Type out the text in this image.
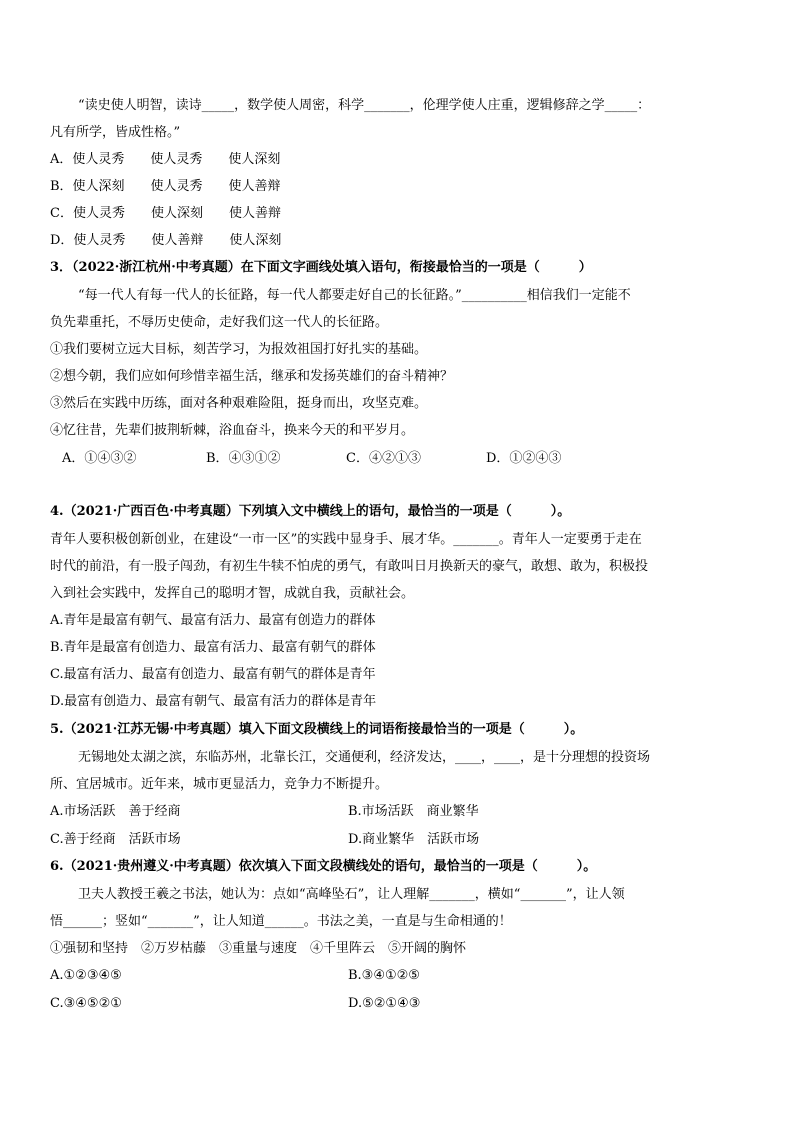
“读史使人明智，读诗_____，数学使人周密，科学_______，伦理学使人庄重，逻辑修辞之学_____：
凡有所学，皆成性格。”
A．使人灵秀　　使人灵秀　　使人深刻
B．使人深刻　　使人灵秀　　使人善辩
C．使人灵秀　　使人深刻　　使人善辩
D．使人灵秀　　使人善辩　　使人深刻
3．（2022·浙江杭州·中考真题）在下面文字画线处填入语句，衔接最恰当的一项是（　　　）
“每一代人有每一代人的长征路，每一代人都要走好自己的长征路。”__________相信我们一定能不
负先辈重托，不辱历史使命，走好我们这一代人的长征路。
①我们要树立远大目标，刻苦学习，为报效祖国打好扎实的基础。
②想今朝，我们应如何珍惜幸福生活，继承和发扬英雄们的奋斗精神？
③然后在实践中历练，面对各种艰难险阻，挺身而出，攻坚克难。
④忆往昔，先辈们披荆斩棘，浴血奋斗，换来今天的和平岁月。
A．①④③②	B．④③①②	C．④②①③	D．①②④③
4.（2021·广西百色·中考真题）下列填入文中横线上的语句，最恰当的一项是（　　　）。
青年人要积极创新创业，在建设“一市一区”的实践中显身手、展才华。_______。青年人一定要勇于走在
时代的前沿，有一股子闯劲，有初生牛犊不怕虎的勇气，有敢叫日月换新天的豪气，敢想、敢为，积极投
入到社会实践中，发挥自己的聪明才智，成就自我，贡献社会。
A.青年是最富有朝气、最富有活力、最富有创造力的群体
B.青年是最富有创造力、最富有活力、最富有朝气的群体
C.最富有活力、最富有创造力、最富有朝气的群体是青年
D.最富有创造力、最富有朝气、最富有活力的群体是青年
5.（2021·江苏无锡·中考真题）填入下面文段横线上的词语衔接最恰当的一项是（　　　）。
无锡地处太湖之滨，东临苏州，北靠长江，交通便利，经济发达，____，____，是十分理想的投资场
所、宜居城市。近年来，城市更显活力，竞争力不断提升。
A.市场活跃　善于经商	B.市场活跃　商业繁华
C.善于经商　活跃市场	D.商业繁华　活跃市场
6.（2021·贵州遵义·中考真题）依次填入下面文段横线处的语句，最恰当的一项是（　　　）。
卫夫人教授王羲之书法，她认为：点如“高峰坠石”，让人理解_______，横如“_______”，让人领
悟______；竖如“_______”，让人知道______。书法之美，一直是与生命相通的！
①强韧和坚持　②万岁枯藤　③重量与速度　④千里阵云　⑤开阔的胸怀
A.①②③④⑤	B.③④①②⑤
C.③④⑤②①	D.⑤②①④③
